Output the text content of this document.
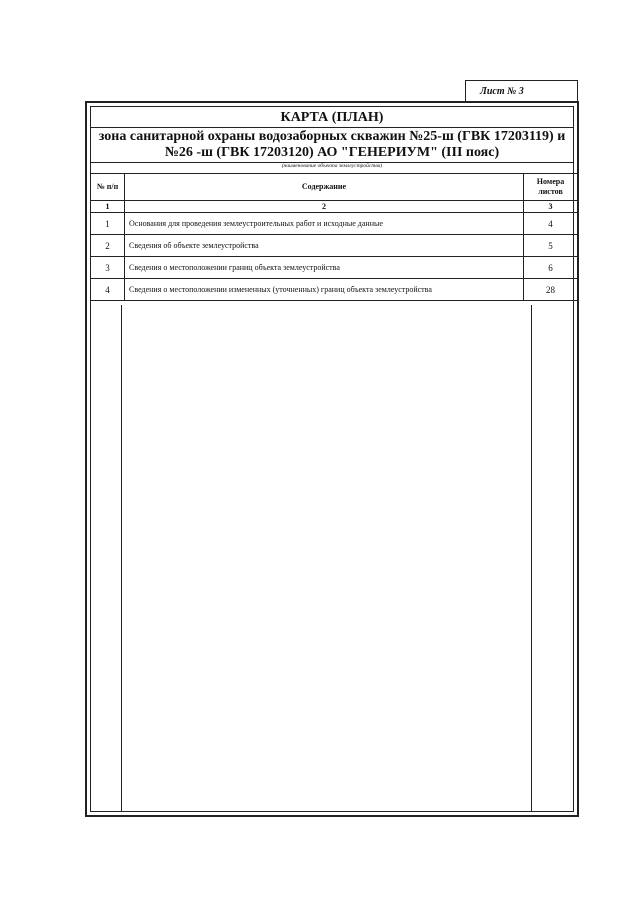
Лист № 3
КАРТА (ПЛАН)
зона санитарной охраны водозаборных скважин №25-ш (ГВК 17203119) и №26 -ш (ГВК 17203120) АО "ГЕНЕРИУМ" (III пояс)
(наименование объекта землеустройства)
№ п/п	Содержание	Номера листов
1	2	3
1	Основания для проведения землеустроительных работ и исходные данные	4
2	Сведения об объекте землеустройства	5
3	Сведения о местоположении границ объекта землеустройства	6
4	Сведения о местоположении измененных (уточненных) границ объекта землеустройства	28
